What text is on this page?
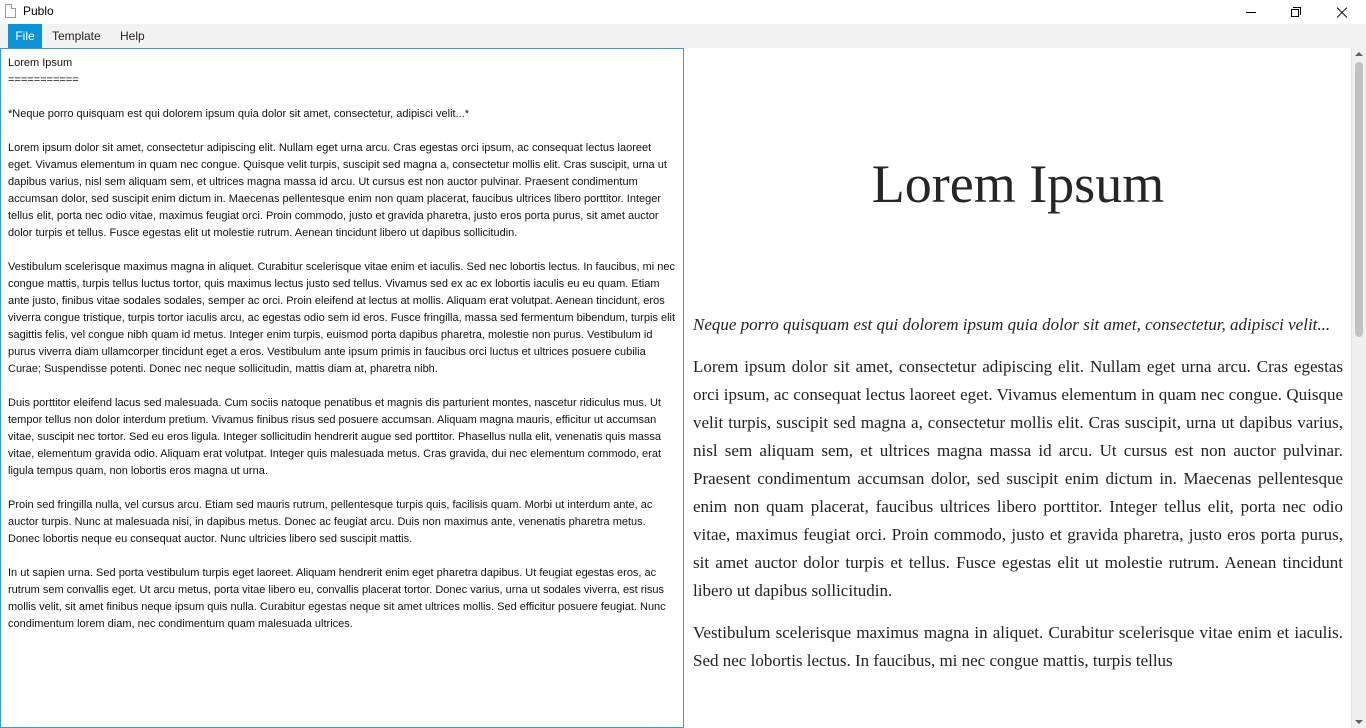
Publo
File	Template	Help
Lorem Ipsum
===========

*Neque porro quisquam est qui dolorem ipsum quia dolor sit amet, consectetur, adipisci velit...*

Lorem ipsum dolor sit amet, consectetur adipiscing elit. Nullam eget urna arcu. Cras egestas orci ipsum, ac consequat lectus laoreet eget. Vivamus elementum in quam nec congue. Quisque velit turpis, suscipit sed magna a, consectetur mollis elit. Cras suscipit, urna ut dapibus varius, nisl sem aliquam sem, et ultrices magna massa id arcu. Ut cursus est non auctor pulvinar. Praesent condimentum accumsan dolor, sed suscipit enim dictum in. Maecenas pellentesque enim non quam placerat, faucibus ultrices libero porttitor. Integer tellus elit, porta nec odio vitae, maximus feugiat orci. Proin commodo, justo et gravida pharetra, justo eros porta purus, sit amet auctor dolor turpis et tellus. Fusce egestas elit ut molestie rutrum. Aenean tincidunt libero ut dapibus sollicitudin.

Vestibulum scelerisque maximus magna in aliquet. Curabitur scelerisque vitae enim et iaculis. Sed nec lobortis lectus. In faucibus, mi nec congue mattis, turpis tellus luctus tortor, quis maximus lectus justo sed tellus. Vivamus sed ex ac ex lobortis iaculis eu eu quam. Etiam ante justo, finibus vitae sodales sodales, semper ac orci. Proin eleifend at lectus at mollis. Aliquam erat volutpat. Aenean tincidunt, eros viverra congue tristique, turpis tortor iaculis arcu, ac egestas odio sem id eros. Fusce fringilla, massa sed fermentum bibendum, turpis elit sagittis felis, vel congue nibh quam id metus. Integer enim turpis, euismod porta dapibus pharetra, molestie non purus. Vestibulum id purus viverra diam ullamcorper tincidunt eget a eros. Vestibulum ante ipsum primis in faucibus orci luctus et ultrices posuere cubilia Curae; Suspendisse potenti. Donec nec neque sollicitudin, mattis diam at, pharetra nibh.

Duis porttitor eleifend lacus sed malesuada. Cum sociis natoque penatibus et magnis dis parturient montes, nascetur ridiculus mus. Ut tempor tellus non dolor interdum pretium. Vivamus finibus risus sed posuere accumsan. Aliquam magna mauris, efficitur ut accumsan vitae, suscipit nec tortor. Sed eu eros ligula. Integer sollicitudin hendrerit augue sed porttitor. Phasellus nulla elit, venenatis quis massa vitae, elementum gravida odio. Aliquam erat volutpat. Integer quis malesuada metus. Cras gravida, dui nec elementum commodo, erat ligula tempus quam, non lobortis eros magna ut urna.

Proin sed fringilla nulla, vel cursus arcu. Etiam sed mauris rutrum, pellentesque turpis quis, facilisis quam. Morbi ut interdum ante, ac auctor turpis. Nunc at malesuada nisi, in dapibus metus. Donec ac feugiat arcu. Duis non maximus ante, venenatis pharetra metus. Donec lobortis neque eu consequat auctor. Nunc ultricies libero sed suscipit mattis.

In ut sapien urna. Sed porta vestibulum turpis eget laoreet. Aliquam hendrerit enim eget pharetra dapibus. Ut feugiat egestas eros, ac rutrum sem convallis eget. Ut arcu metus, porta vitae libero eu, convallis placerat tortor. Donec varius, urna ut sodales viverra, est risus mollis velit, sit amet finibus neque ipsum quis nulla. Curabitur egestas neque sit amet ultrices mollis. Sed efficitur posuere feugiat. Nunc condimentum lorem diam, nec condimentum quam malesuada ultrices.
Lorem Ipsum

Neque porro quisquam est qui dolorem ipsum quia dolor sit amet, consectetur, adipisci velit...

Lorem ipsum dolor sit amet, consectetur adipiscing elit. Nullam eget urna arcu. Cras egestas orci ipsum, ac consequat lectus laoreet eget. Vivamus elementum in quam nec congue. Quisque velit turpis, suscipit sed magna a, consectetur mollis elit. Cras suscipit, urna ut dapibus varius, nisl sem aliquam sem, et ultrices magna massa id arcu. Ut cursus est non auctor pulvinar. Praesent condimentum accumsan dolor, sed suscipit enim dictum in. Maecenas pellentesque enim non quam placerat, faucibus ultrices libero porttitor. Integer tellus elit, porta nec odio vitae, maximus feugiat orci. Proin commodo, justo et gravida pharetra, justo eros porta purus, sit amet auctor dolor turpis et tellus. Fusce egestas elit ut molestie rutrum. Aenean tincidunt libero ut dapibus sollicitudin.

Vestibulum scelerisque maximus magna in aliquet. Curabitur scelerisque vitae enim et iaculis. Sed nec lobortis lectus. In faucibus, mi nec congue mattis, turpis tellus
